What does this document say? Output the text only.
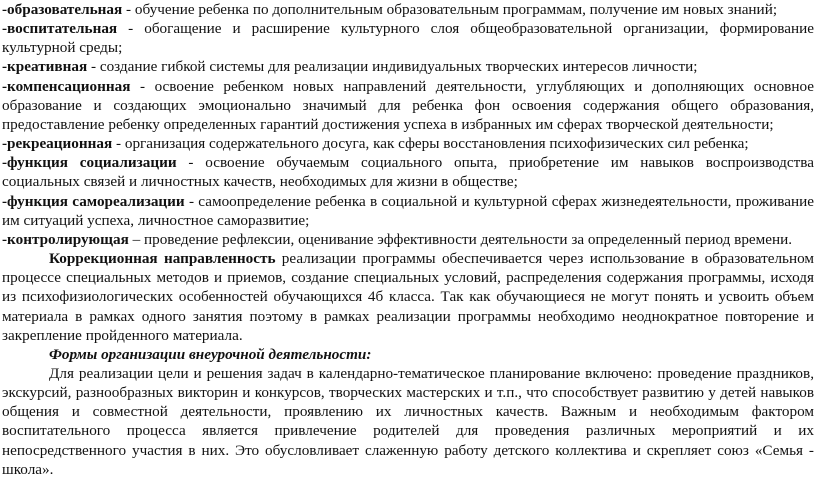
-образовательная - обучение ребенка по дополнительным образовательным программам, получение им новых знаний;

-воспитательная - обогащение и расширение культурного слоя общеобразовательной организации, формирование культурной среды;

-креативная - создание гибкой системы для реализации индивидуальных творческих интересов личности;

-компенсационная - освоение ребенком новых направлений деятельности, углубляющих и дополняющих основное образование и создающих эмоционально значимый для ребенка фон освоения содержания общего образования, предоставление ребенку определенных гарантий достижения успеха в избранных им сферах творческой деятельности;

-рекреационная - организация содержательного досуга, как сферы восстановления психофизических сил ребенка;

-функция социализации - освоение обучаемым социального опыта, приобретение им навыков воспроизводства социальных связей и личностных качеств, необходимых для жизни в обществе;

-функция самореализации - самоопределение ребенка в социальной и культурной сферах жизнедеятельности, проживание им ситуаций успеха, личностное саморазвитие;

-контролирующая – проведение рефлексии, оценивание эффективности деятельности за определенный период времени.

Коррекционная направленность реализации программы обеспечивается через использование в образовательном процессе специальных методов и приемов, создание специальных условий, распределения содержания программы, исходя из психофизиологических особенностей обучающихся 4б класса. Так как обучающиеся не могут понять и усвоить объем материала в рамках одного занятия поэтому в рамках реализации программы необходимо неоднократное повторение и закрепление пройденного материала.

Формы организации внеурочной деятельности:

Для реализации цели и решения задач в календарно-тематическое планирование включено: проведение праздников, экскурсий, разнообразных викторин и конкурсов, творческих мастерских и т.п., что способствует развитию у детей навыков общения и совместной деятельности, проявлению их личностных качеств. Важным и необходимым фактором воспитательного процесса является привлечение родителей для проведения различных мероприятий и их непосредственного участия в них. Это обусловливает слаженную работу детского коллектива и скрепляет союз «Семья - школа».
